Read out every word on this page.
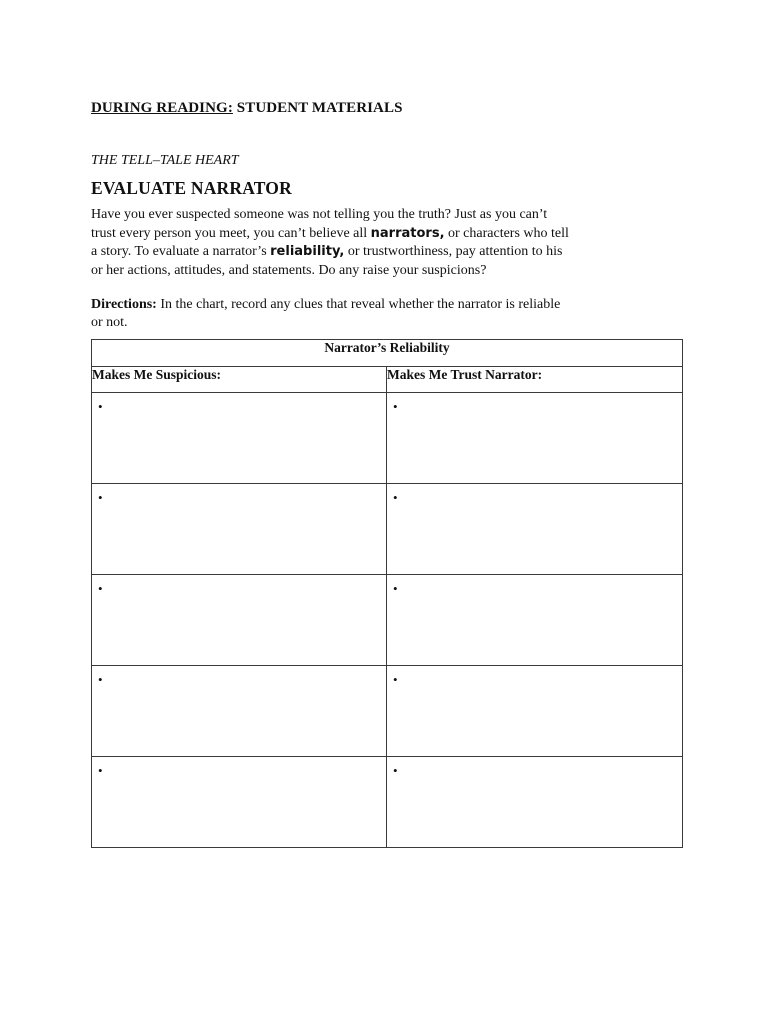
DURING READING: STUDENT MATERIALS
THE TELL–TALE HEART
EVALUATE NARRATOR

Have you ever suspected someone was not telling you the truth? Just as you can’t

trust every person you meet, you can’t believe all narrators, or characters who tell

a story. To evaluate a narrator’s reliability, or trustworthiness, pay attention to his

or her actions, attitudes, and statements. Do any raise your suspicions?

Directions: In the chart, record any clues that reveal whether the narrator is reliable

or not.

Narrator’s Reliability	
Makes Me Suspicious:	Makes Me Trust Narrator:

•	•

•	•

•	•

•	•

•	•
